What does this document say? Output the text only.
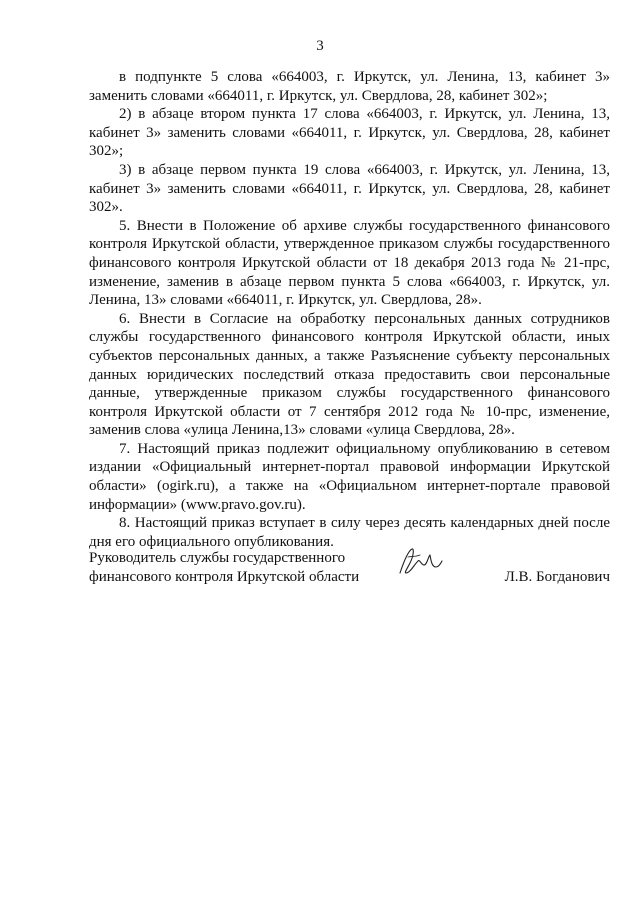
3

в подпункте 5 слова «664003, г. Иркутск, ул. Ленина, 13, кабинет 3» заменить словами «664011, г. Иркутск, ул. Свердлова, 28, кабинет 302»;

2) в абзаце втором пункта 17 слова «664003, г. Иркутск, ул. Ленина, 13, кабинет 3» заменить словами «664011, г. Иркутск, ул. Свердлова, 28, кабинет 302»;

3) в абзаце первом пункта 19 слова «664003, г. Иркутск, ул. Ленина, 13, кабинет 3» заменить словами «664011, г. Иркутск, ул. Свердлова, 28, кабинет 302».

5. Внести в Положение об архиве службы государственного финансового контроля Иркутской области, утвержденное приказом службы государственного финансового контроля Иркутской области от 18 декабря 2013 года № 21-прс, изменение, заменив в абзаце первом пункта 5 слова «664003, г. Иркутск, ул. Ленина, 13» словами «664011, г. Иркутск, ул. Свердлова, 28».

6. Внести в Согласие на обработку персональных данных сотрудников службы государственного финансового контроля Иркутской области, иных субъектов персональных данных, а также Разъяснение субъекту персональных данных юридических последствий отказа предоставить свои персональные данные, утвержденные приказом службы государственного финансового контроля Иркутской области от 7 сентября 2012 года № 10-прс, изменение, заменив слова «улица Ленина,13» словами «улица Свердлова, 28».

7. Настоящий приказ подлежит официальному опубликованию в сетевом издании «Официальный интернет-портал правовой информации Иркутской области» (ogirk.ru), а также на «Официальном интернет-портале правовой информации» (www.pravo.gov.ru).

8. Настоящий приказ вступает в силу через десять календарных дней после дня его официального опубликования.

Руководитель службы государственного
финансового контроля Иркутской области	Л.В. Богданович
